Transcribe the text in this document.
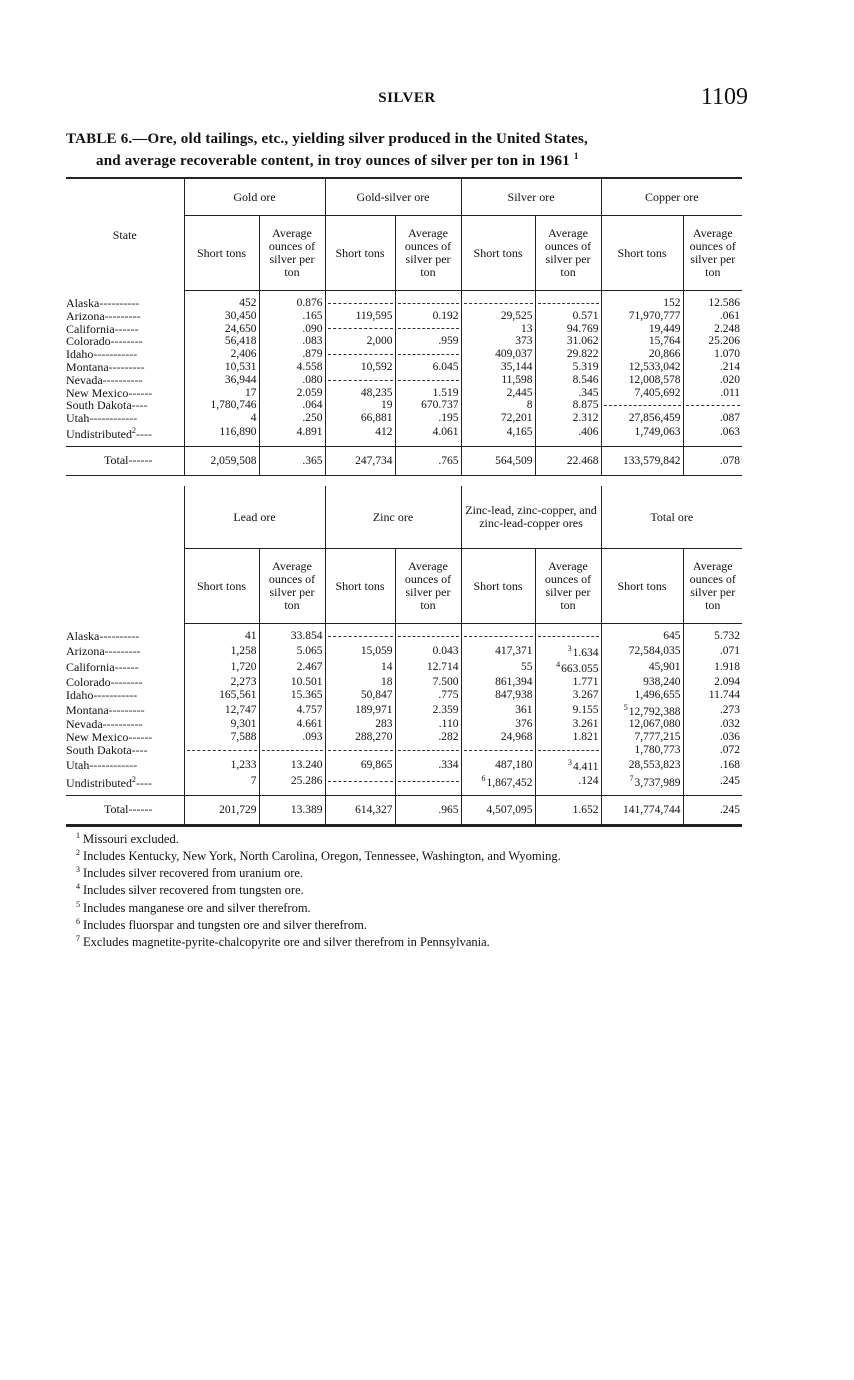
SILVER	1109
TABLE 6.—Ore, old tailings, etc., yielding silver produced in the United States,
and average recoverable content, in troy ounces of silver per ton in 1961 $^1$
State	Gold ore		Gold-silver ore		Silver ore		Copper ore	
	Short tons	Average ounces of silver per ton	Short tons	Average ounces of silver per ton	Short tons	Average ounces of silver per ton	Short tons	Average ounces of silver per ton
Alaska----------	452	0.876					152	12.586
Arizona---------	30,450	.165	119,595	0.192	29,525	0.571	71,970,777	.061
California------	24,650	.090			13	94.769	19,449	2.248
Colorado--------	56,418	.083	2,000	.959	373	31.062	15,764	25.206
Idaho-----------	2,406	.879			409,037	29.822	20,866	1.070
Montana---------	10,531	4.558	10,592	6.045	35,144	5.319	12,533,042	.214
Nevada----------	36,944	.080			11,598	8.546	12,008,578	.020
New Mexico------	17	2.059	48,235	1.519	2,445	.345	7,405,692	.011
South Dakota----	1,780,746	.064	19	670.737	8	8.875		
Utah------------	4	.250	66,881	.195	72,201	2.312	27,856,459	.087
Undistributed$^2$----	116,890	4.891	412	4.061	4,165	.406	1,749,063	.063
Total------	2,059,508	.365	247,734	.765	564,509	22.468	133,579,842	.078
	Lead ore		Zinc ore		Zinc-lead, zinc-copper, and zinc-lead-copper ores		Total ore	
	Short tons	Average ounces of silver per ton	Short tons	Average ounces of silver per ton	Short tons	Average ounces of silver per ton	Short tons	Average ounces of silver per ton
Alaska----------	41	33.854					645	5.732
Arizona---------	1,258	5.065	15,059	0.043	417,371	$^3$1.634	72,584,035	.071
California------	1,720	2.467	14	12.714	55	$^4$663.055	45,901	1.918
Colorado--------	2,273	10.501	18	7.500	861,394	1.771	938,240	2.094
Idaho-----------	165,561	15.365	50,847	.775	847,938	3.267	1,496,655	11.744
Montana---------	12,747	4.757	189,971	2.359	361	9.155	$^5$12,792,388	.273
Nevada----------	9,301	4.661	283	.110	376	3.261	12,067,080	.032
New Mexico------	7,588	.093	288,270	.282	24,968	1.821	7,777,215	.036
South Dakota----							1,780,773	.072
Utah------------	1,233	13.240	69,865	.334	487,180	$^3$4.411	28,553,823	.168
Undistributed$^2$----	7	25.286			$^6$1,867,452	.124	$^7$3,737,989	.245
Total------	201,729	13.389	614,327	.965	4,507,095	1.652	141,774,744	.245
$^1$ Missouri excluded.
$^2$ Includes Kentucky, New York, North Carolina, Oregon, Tennessee, Washington, and Wyoming.
$^3$ Includes silver recovered from uranium ore.
$^4$ Includes silver recovered from tungsten ore.
$^5$ Includes manganese ore and silver therefrom.
$^6$ Includes fluorspar and tungsten ore and silver therefrom.
$^7$ Excludes magnetite-pyrite-chalcopyrite ore and silver therefrom in Pennsylvania.
